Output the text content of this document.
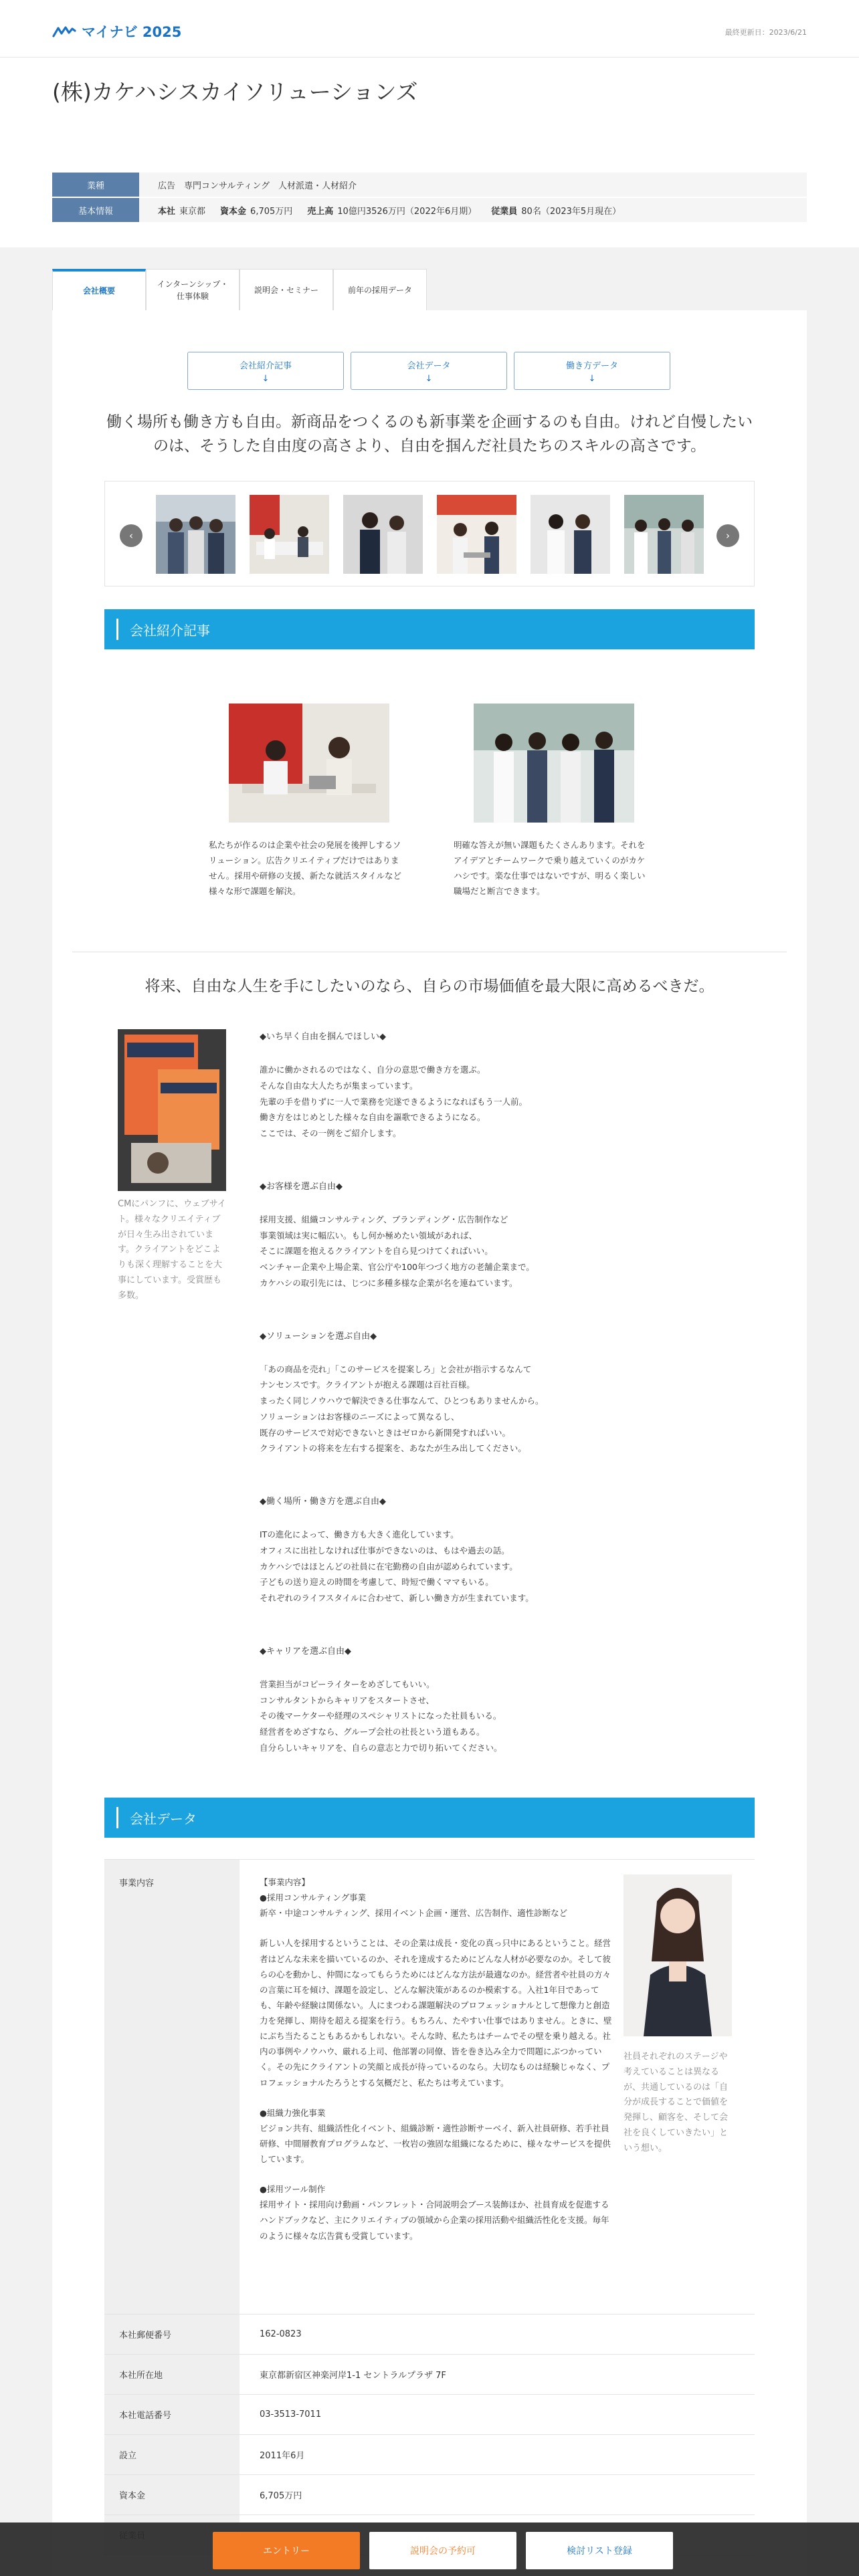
マイナビ 2025	最終更新日：2023/6/21
(株)カケハシスカイソリューションズ
業種	広告　専門コンサルティング　人材派遣・人材紹介
基本情報	本社 東京都 資本金 6,705万円 売上高 10億円3526万円（2022年6月期） 従業員 80名（2023年5月現在）
会社概要
インターンシップ・仕事体験
説明会・セミナー	前年の採用データ
会社紹介記事
↓
会社データ
↓
働き方データ
↓

働く場所も働き方も自由。新商品をつくるのも新事業を企画するのも自由。けれど自慢したいのは、そうした自由度の高さより、自由を掴んだ社員たちのスキルの高さです。

‹	›
会社紹介記事

私たちが作るのは企業や社会の発展を後押しするソリューション。広告クリエイティブだけではありません。採用や研修の支援、新たな就活スタイルなど様々な形で課題を解決。

明確な答えが無い課題もたくさんあります。それをアイデアとチームワークで乗り越えていくのがカケハシです。楽な仕事ではないですが、明るく楽しい職場だと断言できます。

将来、自由な人生を手にしたいのなら、自らの市場価値を最大限に高めるべきだ。

CMにパンフに、ウェブサイト。様々なクリエイティブが日々生み出されています。クライアントをどこよりも深く理解することを大事にしています。受賞歴も多数。

◆いち早く自由を掴んでほしい◆
誰かに働かされるのではなく、自分の意思で働き方を選ぶ。
そんな自由な大人たちが集まっています。
先輩の手を借りずに一人で業務を完遂できるようになればもう一人前。
働き方をはじめとした様々な自由を謳歌できるようになる。
ここでは、その一例をご紹介します。
◆お客様を選ぶ自由◆
採用支援、組織コンサルティング、ブランディング・広告制作など
事業領域は実に幅広い。もし何か極めたい領域があれば、
そこに課題を抱えるクライアントを自ら見つけてくればいい。
ベンチャー企業や上場企業、官公庁や100年つづく地方の老舗企業まで。
カケハシの取引先には、じつに多種多様な企業が名を連ねています。
◆ソリューションを選ぶ自由◆
「あの商品を売れ」「このサービスを提案しろ」と会社が指示するなんて
ナンセンスです。クライアントが抱える課題は百社百様。
まったく同じノウハウで解決できる仕事なんて、ひとつもありませんから。
ソリューションはお客様のニーズによって異なるし、
既存のサービスで対応できないときはゼロから新開発すればいい。
クライアントの将来を左右する提案を、あなたが生み出してください。
◆働く場所・働き方を選ぶ自由◆
ITの進化によって、働き方も大きく進化しています。
オフィスに出社しなければ仕事ができないのは、もはや過去の話。
カケハシではほとんどの社員に在宅勤務の自由が認められています。
子どもの送り迎えの時間を考慮して、時短で働くママもいる。
それぞれのライフスタイルに合わせて、新しい働き方が生まれています。
◆キャリアを選ぶ自由◆
営業担当がコピーライターをめざしてもいい。
コンサルタントからキャリアをスタートさせ、
その後マーケターや経理のスペシャリストになった社員もいる。
経営者をめざすなら、グループ会社の社長という道もある。
自分らしいキャリアを、自らの意志と力で切り拓いてください。
会社データ
事業内容	【事業内容】
●採用コンサルティング事業
新卒・中途コンサルティング、採用イベント企画・運営、広告制作、適性診断など
新しい人を採用するということは、その企業は成長・変化の真っ只中にあるということ。経営者はどんな未来を描いているのか、それを達成するためにどんな人材が必要なのか。そして彼らの心を動かし、仲間になってもらうためにはどんな方法が最適なのか。経営者や社員の方々の言葉に耳を傾け、課題を設定し、どんな解決策があるのか模索する。入社1年目であっても、年齢や経験は関係ない。人にまつわる課題解決のプロフェッショナルとして想像力と創造力を発揮し、期待を超える提案を行う。もちろん、たやすい仕事ではありません。ときに、壁にぶち当たることもあるかもしれない。そんな時、私たちはチームでその壁を乗り越える。社内の事例やノウハウ、厳れる上司、他部署の同僚、皆を巻き込み全力で問題にぶつかっていく。その先にクライアントの笑顔と成長が待っているのなら。大切なものは経験じゃなく、プロフェッショナルたろうとする気概だと、私たちは考えています。
●組織力強化事業
ビジョン共有、組織活性化イベント、組織診断・適性診断サーベイ、新入社員研修、若手社員研修、中間層教育プログラムなど、一枚岩の強固な組織になるために、様々なサービスを提供しています。
●採用ツール制作
採用サイト・採用向け動画・パンフレット・合同説明会ブース装飾ほか、社員育成を促進するハンドブックなど、主にクリエイティブの領域から企業の採用活動や組織活性化を支援。毎年のように様々な広告賞も受賞しています。

社員それぞれのステージや考えていることは異なるが、共通しているのは「自分が成長することで価値を発揮し、顧客を、そして会社を良くしていきたい」という想い。

本社郵便番号	162-0823
本社所在地	東京都新宿区神楽河岸1-1 セントラルプラザ 7F
本社電話番号	03-3513-7011
設立	2011年6月
資本金	6,705万円
エントリー	説明会の予約可	検討リスト登録
